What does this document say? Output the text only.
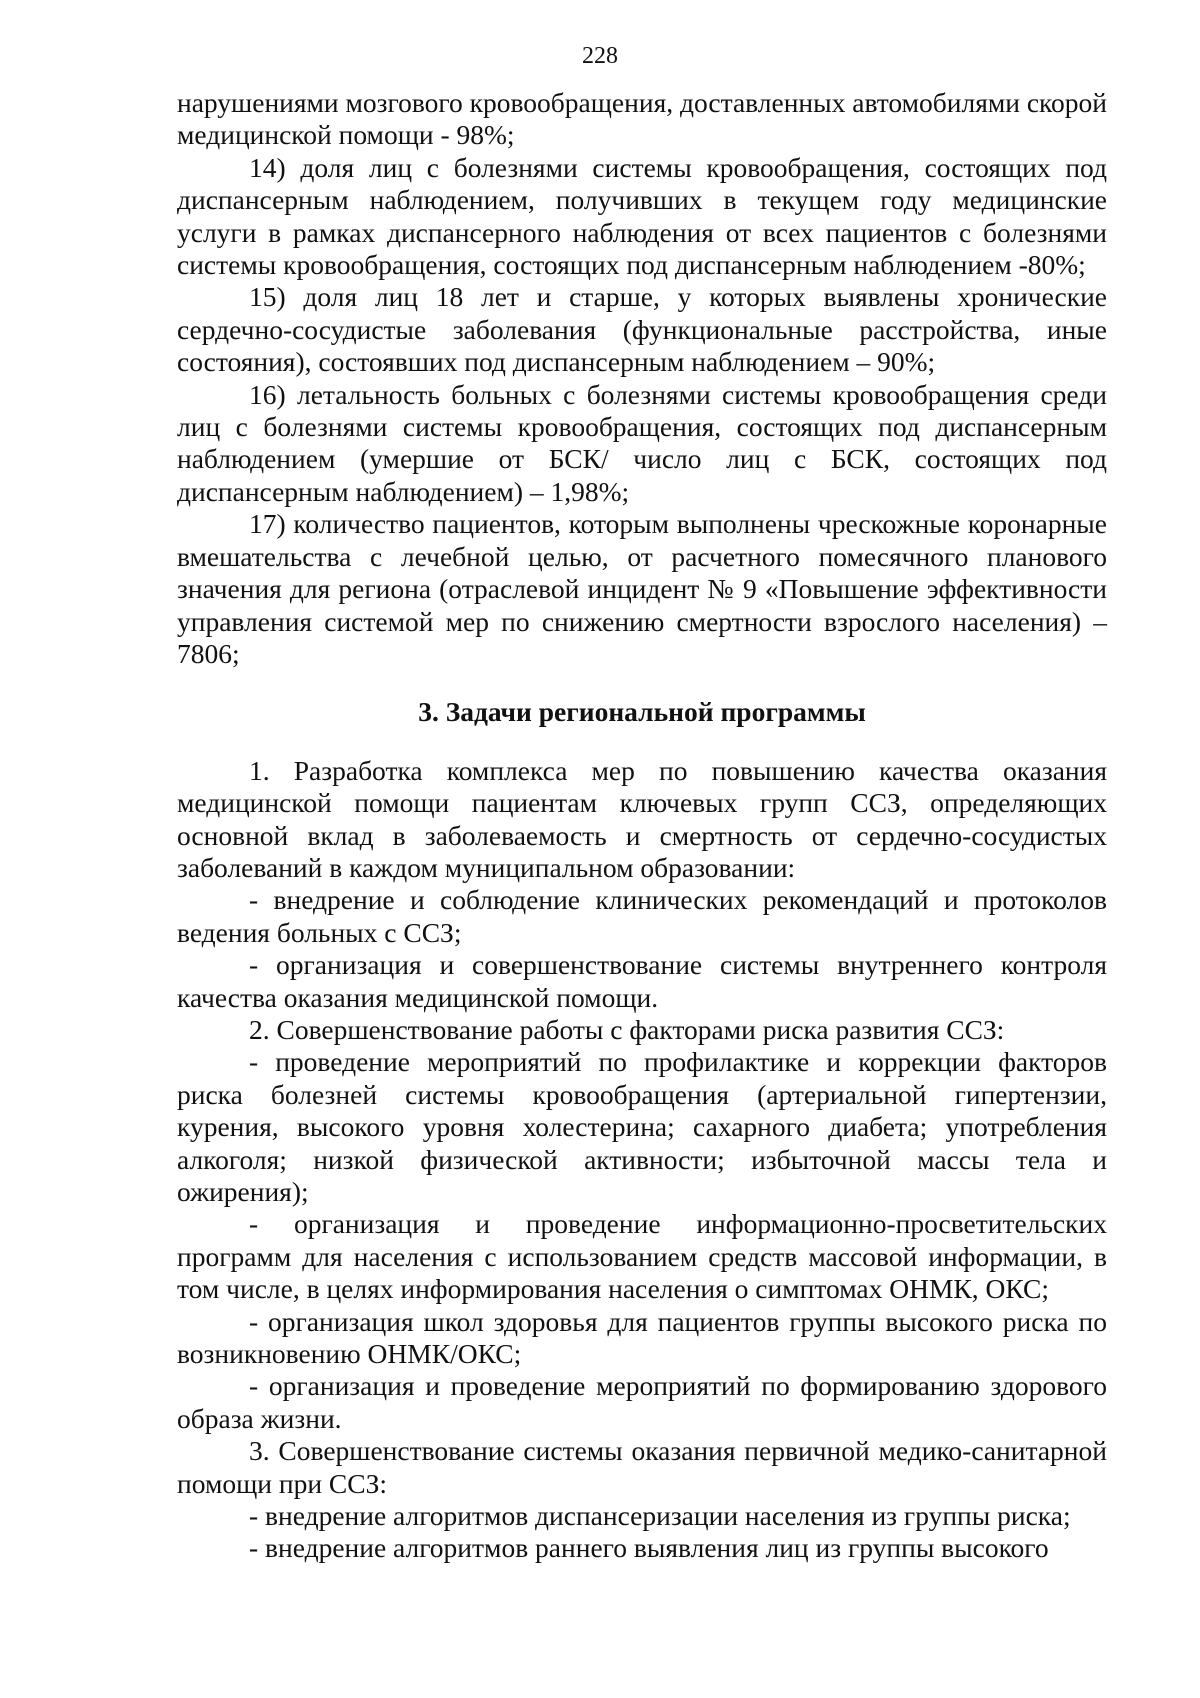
228

нарушениями мозгового кровообращения, доставленных автомобилями скорой медицинской помощи - 98%;

14) доля лиц с болезнями системы кровообращения, состоящих под диспансерным наблюдением, получивших в текущем году медицинские услуги в рамках диспансерного наблюдения от всех пациентов с болезнями системы кровообращения, состоящих под диспансерным наблюдением -80%;

15) доля лиц 18 лет и старше, у которых выявлены хронические сердечно-сосудистые заболевания (функциональные расстройства, иные состояния), состоявших под диспансерным наблюдением – 90%;

16) летальность больных с болезнями системы кровообращения среди лиц с болезнями системы кровообращения, состоящих под диспансерным наблюдением (умершие от БСК/ число лиц с БСК, состоящих под диспансерным наблюдением) – 1,98%;

17) количество пациентов, которым выполнены чрескожные коронарные вмешательства с лечебной целью, от расчетного помесячного планового значения для региона (отраслевой инцидент № 9 «Повышение эффективности управления системой мер по снижению смертности взрослого населения) – 7806;

3. Задачи региональной программы

1. Разработка комплекса мер по повышению качества оказания медицинской помощи пациентам ключевых групп ССЗ, определяющих основной вклад в заболеваемость и смертность от сердечно-сосудистых заболеваний в каждом муниципальном образовании:

- внедрение и соблюдение клинических рекомендаций и протоколов ведения больных с ССЗ;

- организация и совершенствование системы внутреннего контроля качества оказания медицинской помощи.

2. Совершенствование работы с факторами риска развития ССЗ:

- проведение мероприятий по профилактике и коррекции факторов риска болезней системы кровообращения (артериальной гипертензии, курения, высокого уровня холестерина; сахарного диабета; употребления алкоголя; низкой физической активности; избыточной массы тела и ожирения);

- организация и проведение информационно-просветительских программ для населения с использованием средств массовой информации, в том числе, в целях информирования населения о симптомах ОНМК, ОКС;

- организация школ здоровья для пациентов группы высокого риска по возникновению ОНМК/ОКС;

- организация и проведение мероприятий по формированию здорового образа жизни.

3. Совершенствование системы оказания первичной медико-санитарной помощи при ССЗ:

- внедрение алгоритмов диспансеризации населения из группы риска;

- внедрение алгоритмов раннего выявления лиц из группы высокого
